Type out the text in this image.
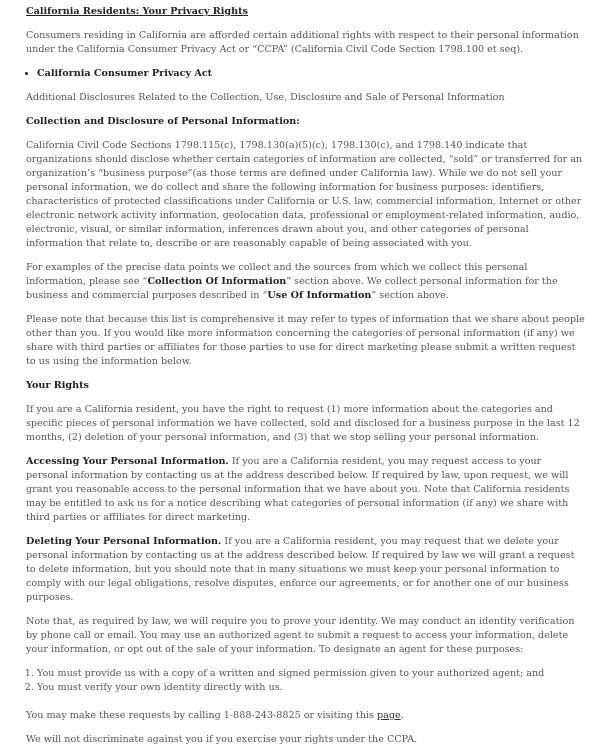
California Residents: Your Privacy Rights

Consumers residing in California are afforded certain additional rights with respect to their personal information under the California Consumer Privacy Act or “CCPA” (California Civil Code Section 1798.100 et seq).

• California Consumer Privacy Act

Additional Disclosures Related to the Collection, Use, Disclosure and Sale of Personal Information

Collection and Disclosure of Personal Information:

California Civil Code Sections 1798.115(c), 1798.130(a)(5)(c), 1798.130(c), and 1798.140 indicate that organizations should disclose whether certain categories of information are collected, “sold” or transferred for an organization’s “business purpose”(as those terms are defined under California law). While we do not sell your personal information, we do collect and share the following information for business purposes: identifiers, characteristics of protected classifications under California or U.S. law, commercial information, Internet or other electronic network activity information, geolocation data, professional or employment-related information, audio, electronic, visual, or similar information, inferences drawn about you, and other categories of personal information that relate to, describe or are reasonably capable of being associated with you.

For examples of the precise data points we collect and the sources from which we collect this personal information, please see “Collection Of Information” section above. We collect personal information for the business and commercial purposes described in “Use Of Information” section above.

Please note that because this list is comprehensive it may refer to types of information that we share about people other than you. If you would like more information concerning the categories of personal information (if any) we share with third parties or affiliates for those parties to use for direct marketing please submit a written request to us using the information below.

Your Rights

If you are a California resident, you have the right to request (1) more information about the categories and specific pieces of personal information we have collected, sold and disclosed for a business purpose in the last 12 months, (2) deletion of your personal information, and (3) that we stop selling your personal information.

Accessing Your Personal Information. If you are a California resident, you may request access to your personal information by contacting us at the address described below. If required by law, upon request, we will grant you reasonable access to the personal information that we have about you. Note that California residents may be entitled to ask us for a notice describing what categories of personal information (if any) we share with third parties or affiliates for direct marketing.

Deleting Your Personal Information. If you are a California resident, you may request that we delete your personal information by contacting us at the address described below. If required by law we will grant a request to delete information, but you should note that in many situations we must keep your personal information to comply with our legal obligations, resolve disputes, enforce our agreements, or for another one of our business purposes.

Note that, as required by law, we will require you to prove your identity. We may conduct an identity verification by phone call or email. You may use an authorized agent to submit a request to access your information, delete your information, or opt out of the sale of your information. To designate an agent for these purposes:

1. You must provide us with a copy of a written and signed permission given to your authorized agent; and
2. You must verify your own identity directly with us.

You may make these requests by calling 1-888-243-8825 or visiting this page.

We will not discriminate against you if you exercise your rights under the CCPA.
